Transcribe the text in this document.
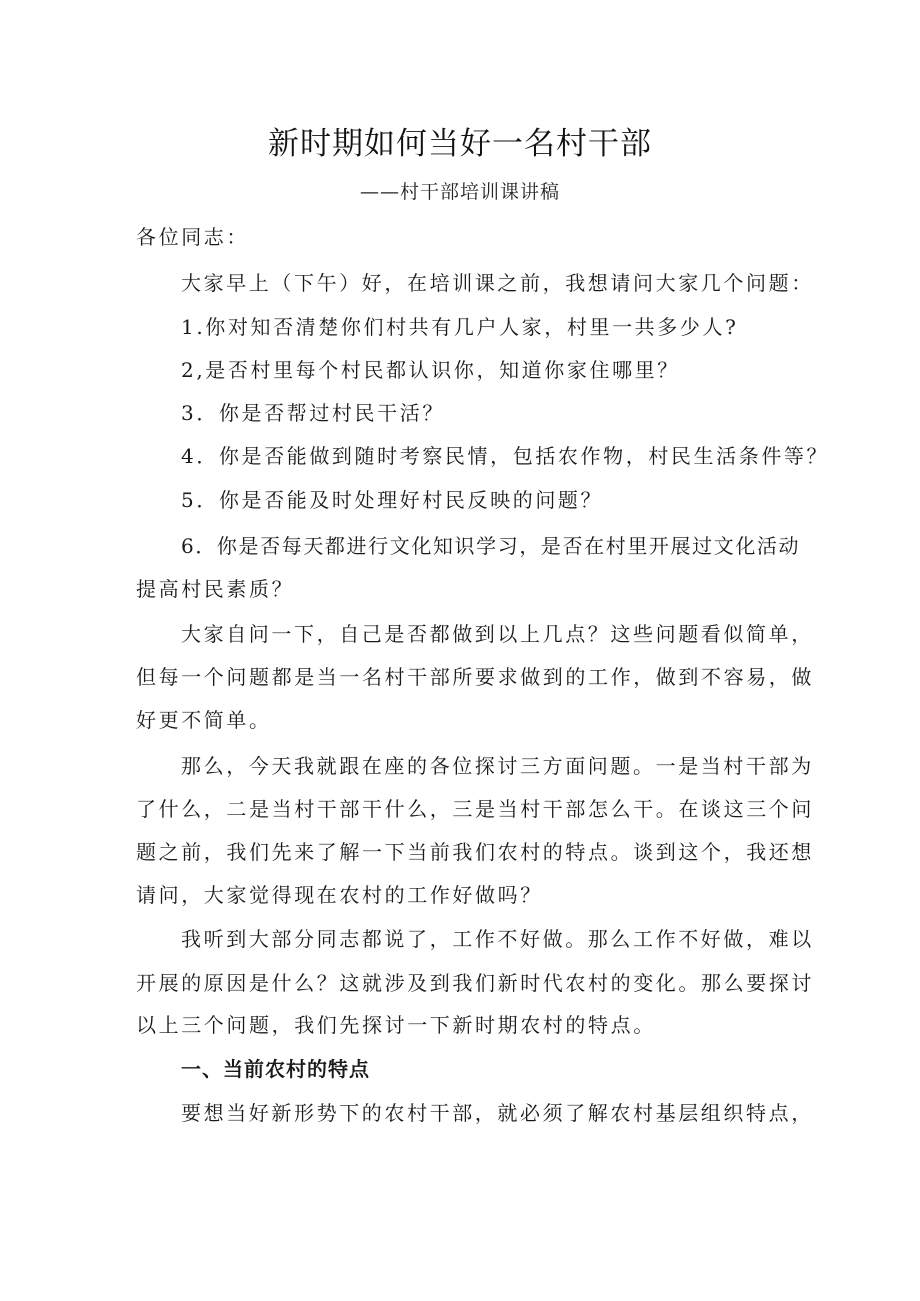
新时期如何当好一名村干部
——村干部培训课讲稿
各位同志：
大家早上（下午）好，在培训课之前，我想请问大家几个问题：
1.你对知否清楚你们村共有几户人家，村里一共多少人?
2,是否村里每个村民都认识你，知道你家住哪里？
3．你是否帮过村民干活？
4．你是否能做到随时考察民情，包括农作物，村民生活条件等？
5．你是否能及时处理好村民反映的问题？
6．你是否每天都进行文化知识学习，是否在村里开展过文化活动
提高村民素质？
大家自问一下，自己是否都做到以上几点？这些问题看似简单，
但每一个问题都是当一名村干部所要求做到的工作，做到不容易，做
好更不简单。
那么，今天我就跟在座的各位探讨三方面问题。一是当村干部为
了什么，二是当村干部干什么，三是当村干部怎么干。在谈这三个问
题之前，我们先来了解一下当前我们农村的特点。谈到这个，我还想
请问，大家觉得现在农村的工作好做吗？
我听到大部分同志都说了，工作不好做。那么工作不好做，难以
开展的原因是什么？这就涉及到我们新时代农村的变化。那么要探讨
以上三个问题，我们先探讨一下新时期农村的特点。
一、当前农村的特点
要想当好新形势下的农村干部，就必须了解农村基层组织特点，
